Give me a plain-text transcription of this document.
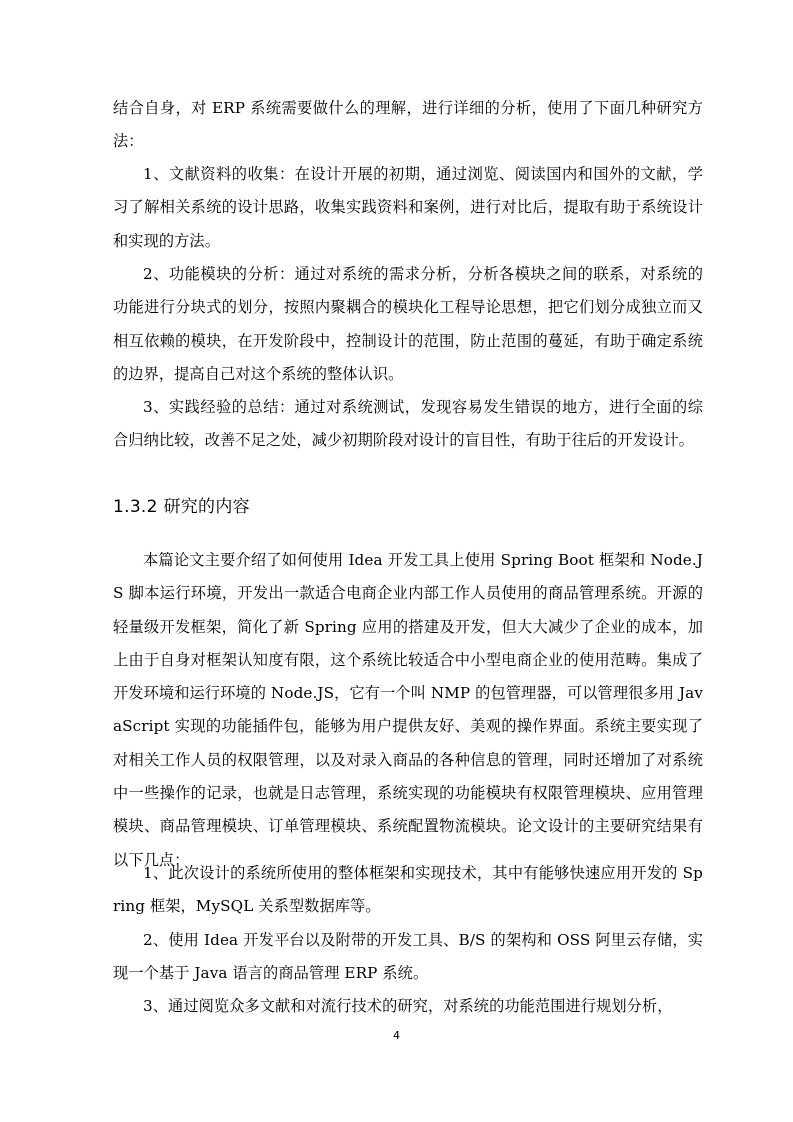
结合自身，对 ERP 系统需要做什么的理解，进行详细的分析，使用了下面几种研究方法：

1、文献资料的收集：在设计开展的初期，通过浏览、阅读国内和国外的文献，学习了解相关系统的设计思路，收集实践资料和案例，进行对比后，提取有助于系统设计和实现的方法。

2、功能模块的分析：通过对系统的需求分析，分析各模块之间的联系，对系统的功能进行分块式的划分，按照内聚耦合的模块化工程导论思想，把它们划分成独立而又相互依赖的模块，在开发阶段中，控制设计的范围，防止范围的蔓延，有助于确定系统的边界，提高自己对这个系统的整体认识。

3、实践经验的总结：通过对系统测试，发现容易发生错误的地方，进行全面的综合归纳比较，改善不足之处，减少初期阶段对设计的盲目性，有助于往后的开发设计。

1.3.2 研究的内容

本篇论文主要介绍了如何使用 Idea 开发工具上使用 Spring Boot 框架和 Node.JS 脚本运行环境，开发出一款适合电商企业内部工作人员使用的商品管理系统。开源的轻量级开发框架，简化了新 Spring 应用的搭建及开发，但大大减少了企业的成本，加上由于自身对框架认知度有限，这个系统比较适合中小型电商企业的使用范畴。集成了开发环境和运行环境的 Node.JS，它有一个叫 NMP 的包管理器，可以管理很多用 JavaScript 实现的功能插件包，能够为用户提供友好、美观的操作界面。系统主要实现了对相关工作人员的权限管理，以及对录入商品的各种信息的管理，同时还增加了对系统中一些操作的记录，也就是日志管理，系统实现的功能模块有权限管理模块、应用管理模块、商品管理模块、订单管理模块、系统配置物流模块。论文设计的主要研究结果有以下几点：

1、此次设计的系统所使用的整体框架和实现技术，其中有能够快速应用开发的 Spring 框架，MySQL 关系型数据库等。

2、使用 Idea 开发平台以及附带的开发工具、B/S 的架构和 OSS 阿里云存储，实现一个基于 Java 语言的商品管理 ERP 系统。

3、通过阅览众多文献和对流行技术的研究，对系统的功能范围进行规划分析，

4
